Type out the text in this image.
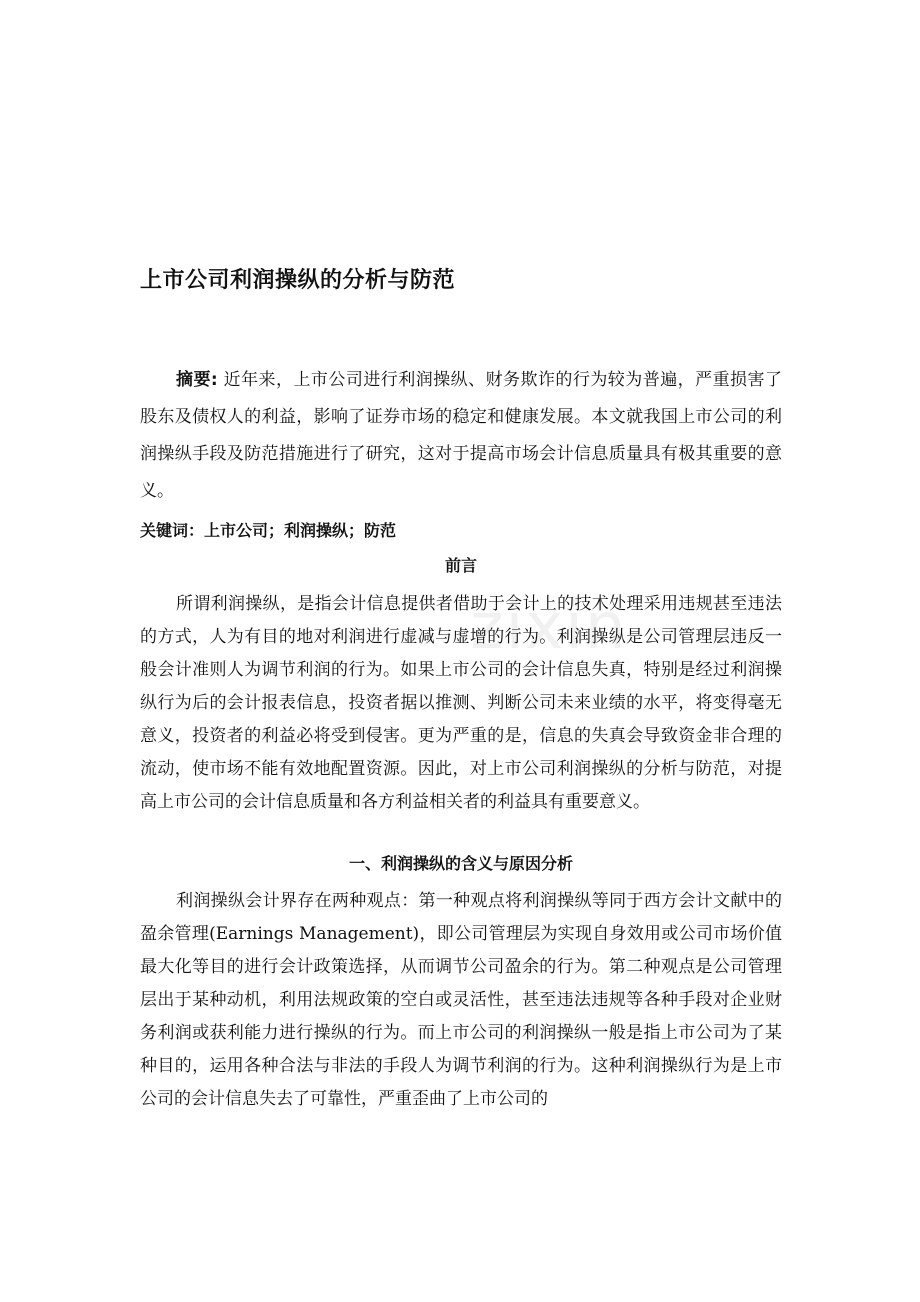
zixin
上市公司利润操纵的分析与防范

摘要: 近年来，上市公司进行利润操纵、财务欺诈的行为较为普遍，严重损害了股东及债权人的利益，影响了证券市场的稳定和健康发展。本文就我国上市公司的利润操纵手段及防范措施进行了研究，这对于提高市场会计信息质量具有极其重要的意义。

关键词：上市公司；利润操纵；防范

前言

所谓利润操纵，是指会计信息提供者借助于会计上的技术处理采用违规甚至违法的方式，人为有目的地对利润进行虚减与虚增的行为。利润操纵是公司管理层违反一般会计准则人为调节利润的行为。如果上市公司的会计信息失真，特别是经过利润操纵行为后的会计报表信息，投资者据以推测、判断公司未来业绩的水平，将变得毫无意义，投资者的利益必将受到侵害。更为严重的是，信息的失真会导致资金非合理的流动，使市场不能有效地配置资源。因此，对上市公司利润操纵的分析与防范，对提高上市公司的会计信息质量和各方利益相关者的利益具有重要意义。

一、利润操纵的含义与原因分析

利润操纵会计界存在两种观点：第一种观点将利润操纵等同于西方会计文献中的盈余管理(Earnings Management)，即公司管理层为实现自身效用或公司市场价值最大化等目的进行会计政策选择，从而调节公司盈余的行为。第二种观点是公司管理层出于某种动机，利用法规政策的空白或灵活性，甚至违法违规等各种手段对企业财务利润或获利能力进行操纵的行为。而上市公司的利润操纵一般是指上市公司为了某种目的，运用各种合法与非法的手段人为调节利润的行为。这种利润操纵行为是上市公司的会计信息失去了可靠性，严重歪曲了上市公司的
